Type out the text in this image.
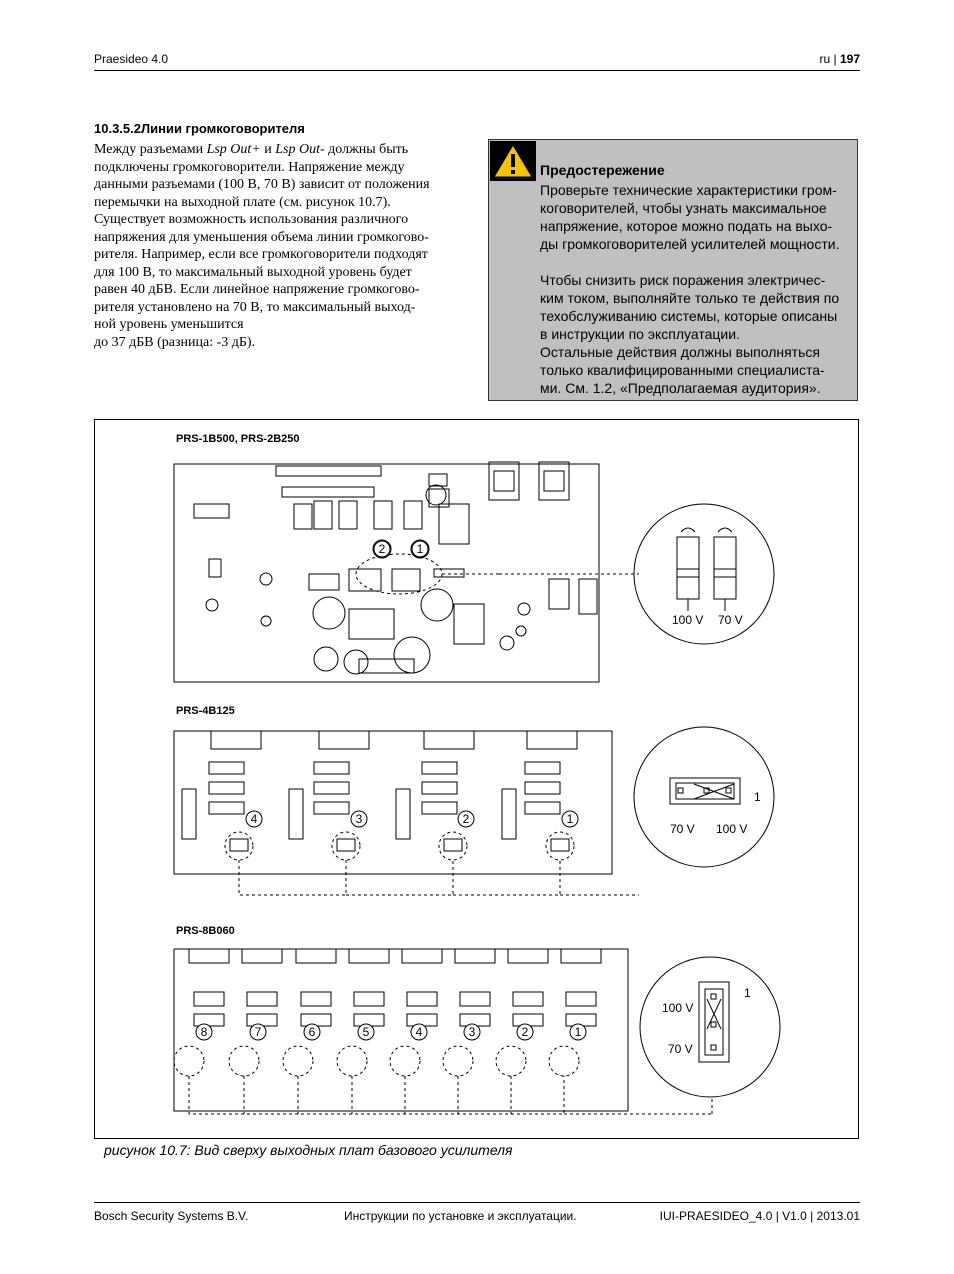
Praesideo 4.0	ru | 197
10.3.5.2Линии громкоговорителя
Между разъемами Lsp Out+ и Lsp Out- должны быть
подключены громкоговорители. Напряжение между
данными разъемами (100 В, 70 В) зависит от положения
перемычки на выходной плате (см. рисунок 10.7).
Существует возможность использования различного
напряжения для уменьшения объема линии громкогово-
рителя. Например, если все громкоговорители подходят
для 100 В, то максимальный выходной уровень будет
равен 40 дБВ. Если линейное напряжение громкогово-
рителя установлено на 70 В, то максимальный выход-
ной уровень уменьшится
до 37 дБВ (разница: -3 дБ).
Предостережение
Проверьте технические характеристики гром-
коговорителей, чтобы узнать максимальное
напряжение, которое можно подать на выхо-
ды громкоговорителей усилителей мощности.
Чтобы снизить риск поражения электричес-
ким током, выполняйте только те действия по
техобслуживанию системы, которые описаны
в инструкции по эксплуатации.
Остальные действия должны выполняться
только квалифицированными специалиста-
ми. См. 1.2, «Предполагаемая аудитория».
PRS-1B500, PRS-2B250
PRS-4B125
PRS-8B060
2	1
4	3	2	1
8	7	6	5	4	3	2	1
100 V 70 V
70 V 100 V
1
100 V
70 V
1
рисунок 10.7: Вид сверху выходных плат базового усилителя
Bosch Security Systems B.V.	Инструкции по установке и эксплуатации.	IUI-PRAESIDEO_4.0 | V1.0 | 2013.01
